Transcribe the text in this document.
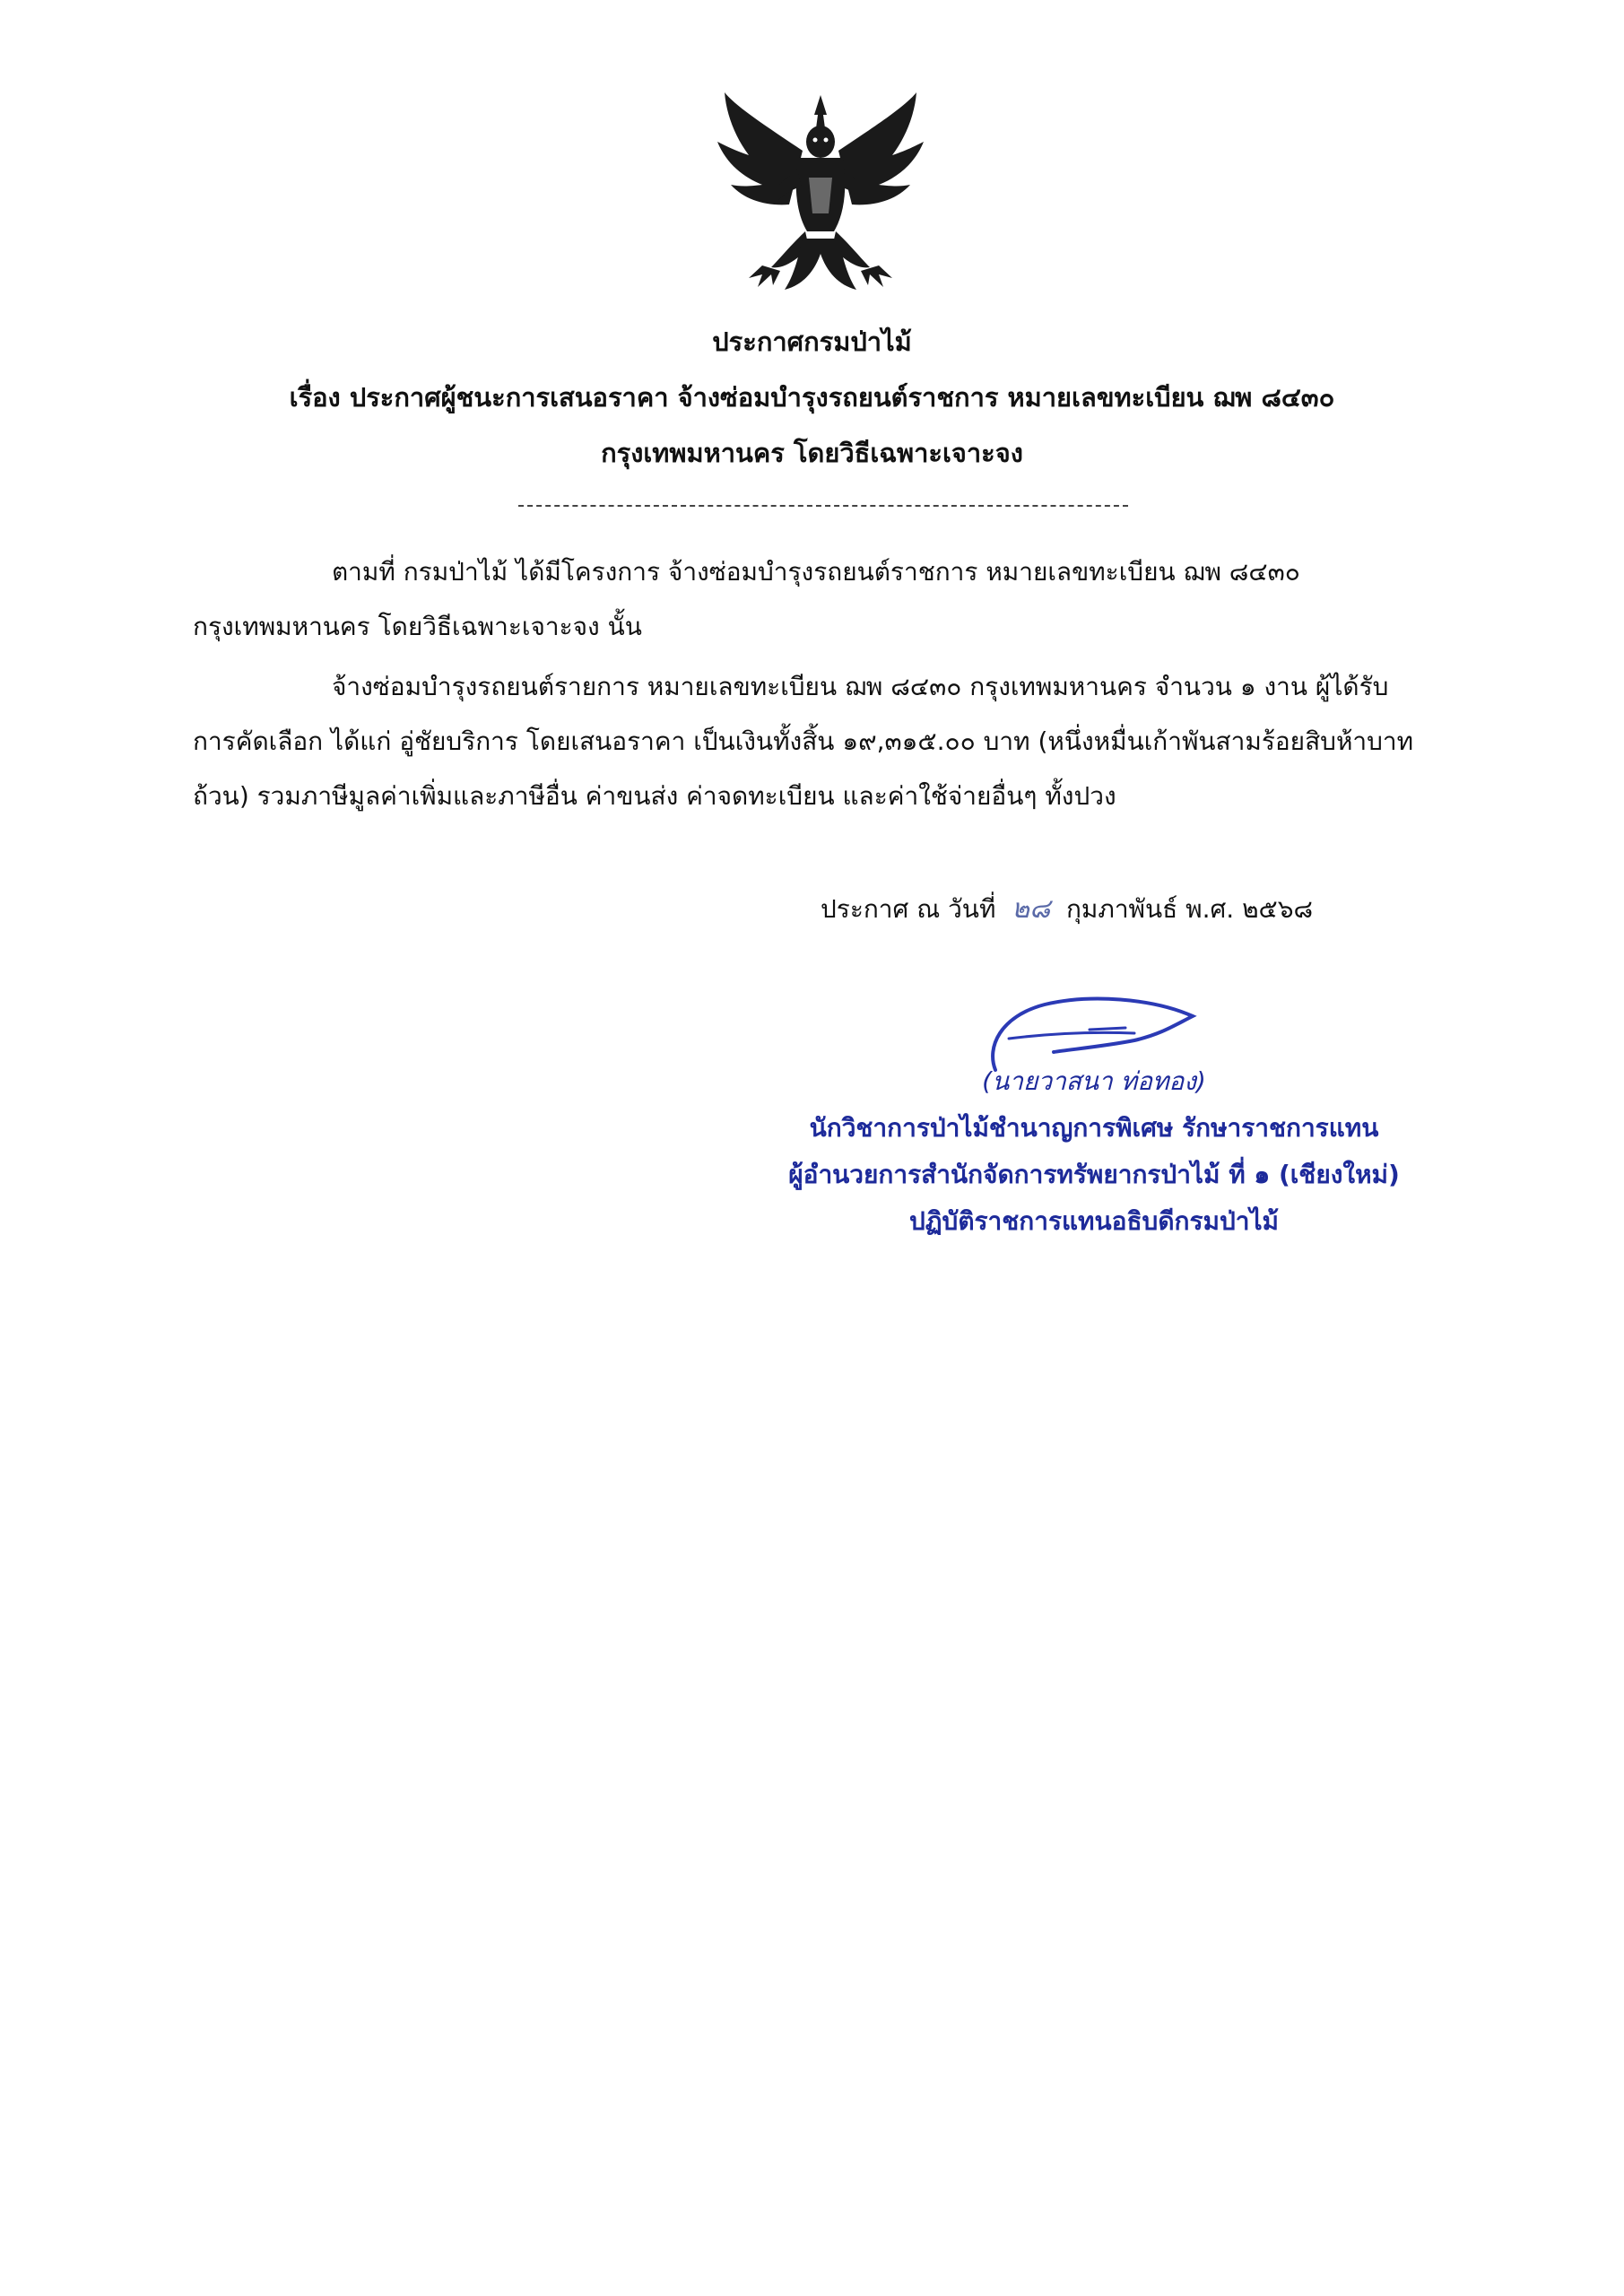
ประกาศกรมป่าไม้
เรื่อง ประกาศผู้ชนะการเสนอราคา จ้างซ่อมบำรุงรถยนต์ราชการ หมายเลขทะเบียน ฌพ ๘๔๓๐
กรุงเทพมหานคร โดยวิธีเฉพาะเจาะจง
ตามที่ กรมป่าไม้ ได้มีโครงการ จ้างซ่อมบำรุงรถยนต์ราชการ หมายเลขทะเบียน ฌพ ๘๔๓๐
กรุงเทพมหานคร โดยวิธีเฉพาะเจาะจง นั้น
จ้างซ่อมบำรุงรถยนต์รายการ หมายเลขทะเบียน ฌพ ๘๔๓๐ กรุงเทพมหานคร จำนวน ๑ งาน ผู้ได้รับ
การคัดเลือก ได้แก่ อู่ชัยบริการ โดยเสนอราคา เป็นเงินทั้งสิ้น ๑๙,๓๑๕.๐๐ บาท (หนึ่งหมื่นเก้าพันสามร้อยสิบห้าบาท
ถ้วน) รวมภาษีมูลค่าเพิ่มและภาษีอื่น ค่าขนส่ง ค่าจดทะเบียน และค่าใช้จ่ายอื่นๆ ทั้งปวง
ประกาศ ณ วันที่ ๒๘ กุมภาพันธ์ พ.ศ. ๒๕๖๘
(นายวาสนา ท่อทอง)
นักวิชาการป่าไม้ชำนาญการพิเศษ รักษาราชการแทน
ผู้อำนวยการสำนักจัดการทรัพยากรป่าไม้ ที่ ๑ (เชียงใหม่)
ปฏิบัติราชการแทนอธิบดีกรมป่าไม้
